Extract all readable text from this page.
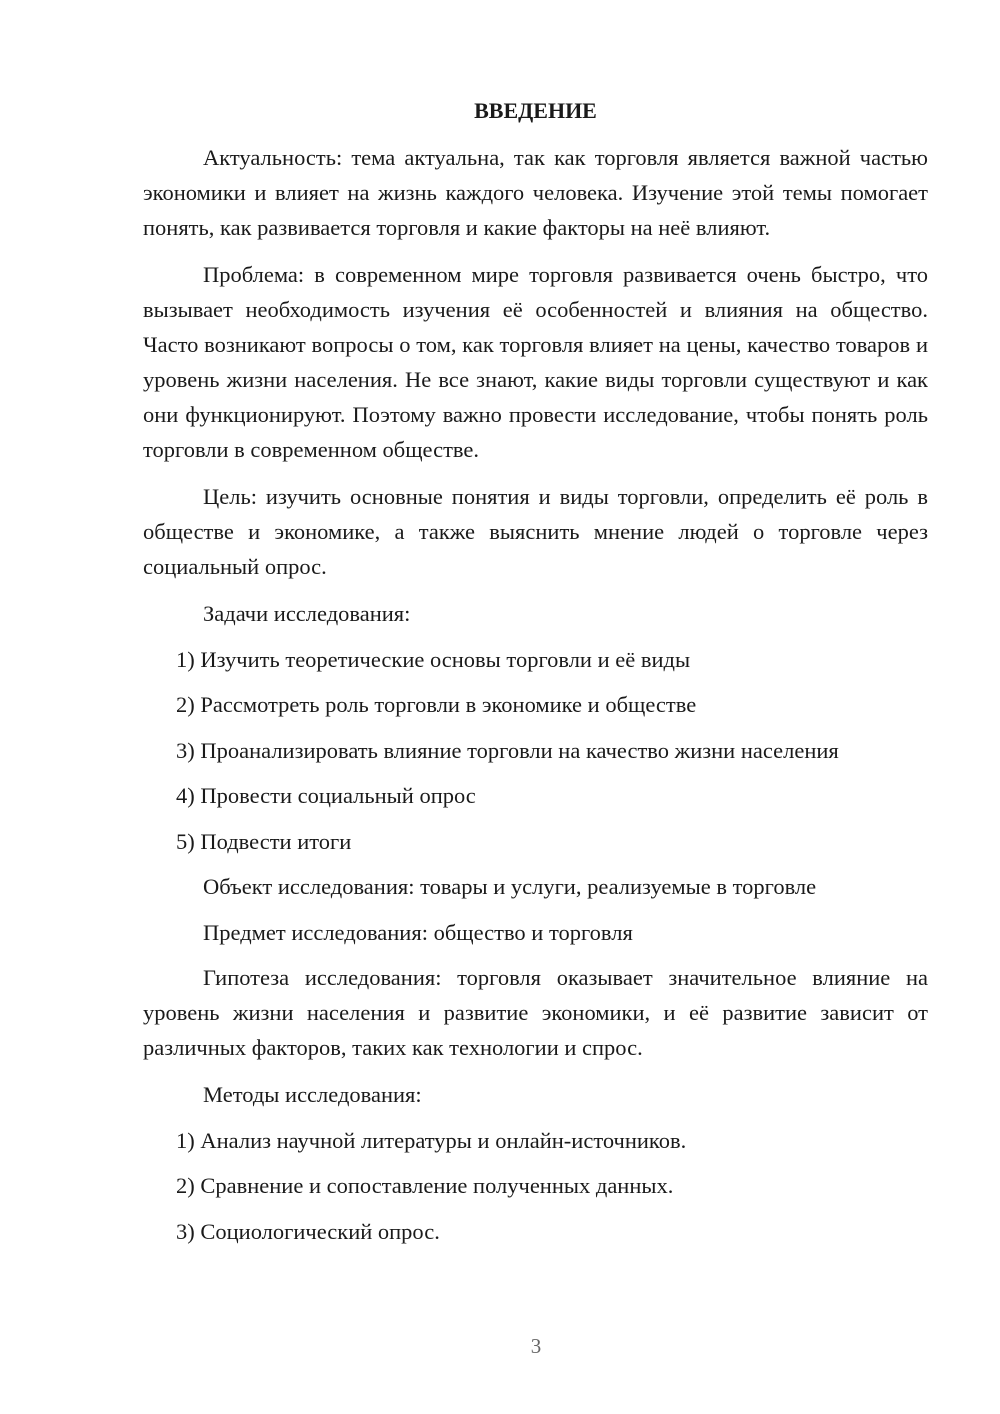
ВВЕДЕНИЕ

Актуальность: тема актуальна, так как торговля является важной частью экономики и влияет на жизнь каждого человека. Изучение этой темы помогает понять, как развивается торговля и какие факторы на неё влияют.

Проблема: в современном мире торговля развивается очень быстро, что вызывает необходимость изучения её особенностей и влияния на общество. Часто возникают вопросы о том, как торговля влияет на цены, качество товаров и уровень жизни населения. Не все знают, какие виды торговли существуют и как они функционируют. Поэтому важно провести исследование, чтобы понять роль торговли в современном обществе.

Цель: изучить основные понятия и виды торговли, определить её роль в обществе и экономике, а также выяснить мнение людей о торговле через социальный опрос.

Задачи исследования:
1) Изучить теоретические основы торговли и её виды
2) Рассмотреть роль торговли в экономике и обществе
3) Проанализировать влияние торговли на качество жизни населения
4) Провести социальный опрос
5) Подвести итоги
Объект исследования: товары и услуги, реализуемые в торговле
Предмет исследования: общество и торговля

Гипотеза исследования: торговля оказывает значительное влияние на уровень жизни населения и развитие экономики, и её развитие зависит от различных факторов, таких как технологии и спрос.

Методы исследования:
1) Анализ научной литературы и онлайн-источников.
2) Сравнение и сопоставление полученных данных.
3) Социологический опрос.
3
